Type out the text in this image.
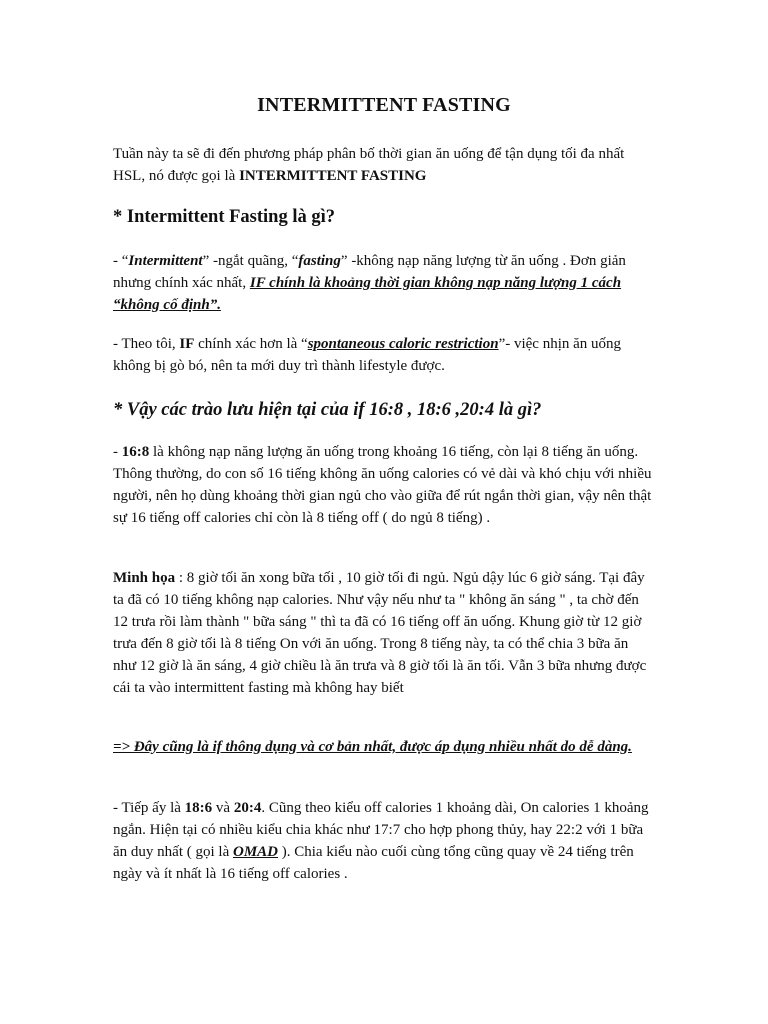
INTERMITTENT FASTING
Tuần này ta sẽ đi đến phương pháp phân bố thời gian ăn uống để tận dụng tối đa nhất HSL, nó được gọi là INTERMITTENT FASTING
* Intermittent Fasting là gì?
- “Intermittent” -ngắt quãng, “fasting” -không nạp năng lượng từ ăn uống . Đơn giản nhưng chính xác nhất, IF chính là khoảng thời gian không nạp năng lượng 1 cách “không cố định”.
- Theo tôi, IF chính xác hơn là “spontaneous caloric restriction”- việc nhịn ăn uống không bị gò bó, nên ta mới duy trì thành lifestyle được.
* Vậy các trào lưu hiện tại của if 16:8 , 18:6 ,20:4 là gì?
- 16:8 là không nạp năng lượng ăn uống trong khoảng 16 tiếng, còn lại 8 tiếng ăn uống. Thông thường, do con số 16 tiếng không ăn uống calories có vẻ dài và khó chịu với nhiều người, nên họ dùng khoảng thời gian ngủ cho vào giữa để rút ngắn thời gian, vậy nên thật sự 16 tiếng off calories chỉ còn là 8 tiếng off ( do ngủ 8 tiếng) .
Minh họa : 8 giờ tối ăn xong bữa tối , 10 giờ tối đi ngủ. Ngủ dậy lúc 6 giờ sáng. Tại đây ta đã có 10 tiếng không nạp calories. Như vậy nếu như ta " không ăn sáng " , ta chờ đến 12 trưa rồi làm thành " bữa sáng " thì ta đã có 16 tiếng off ăn uống. Khung giờ từ 12 giờ trưa đến 8 giờ tối là 8 tiếng On với ăn uống. Trong 8 tiếng này, ta có thể chia 3 bữa ăn như 12 giờ là ăn sáng, 4 giờ chiều là ăn trưa và 8 giờ tối là ăn tối. Vẫn 3 bữa nhưng được cái ta vào intermittent fasting mà không hay biết
=> Đây cũng là if thông dụng và cơ bản nhất, được áp dụng nhiều nhất do dễ dàng.
- Tiếp ấy là 18:6 và 20:4. Cũng theo kiểu off calories 1 khoảng dài, On calories 1 khoảng ngắn. Hiện tại có nhiều kiểu chia khác như 17:7 cho hợp phong thủy, hay 22:2 với 1 bữa ăn duy nhất ( gọi là OMAD ). Chia kiểu nào cuối cùng tổng cũng quay về 24 tiếng trên ngày và ít nhất là 16 tiếng off calories .
